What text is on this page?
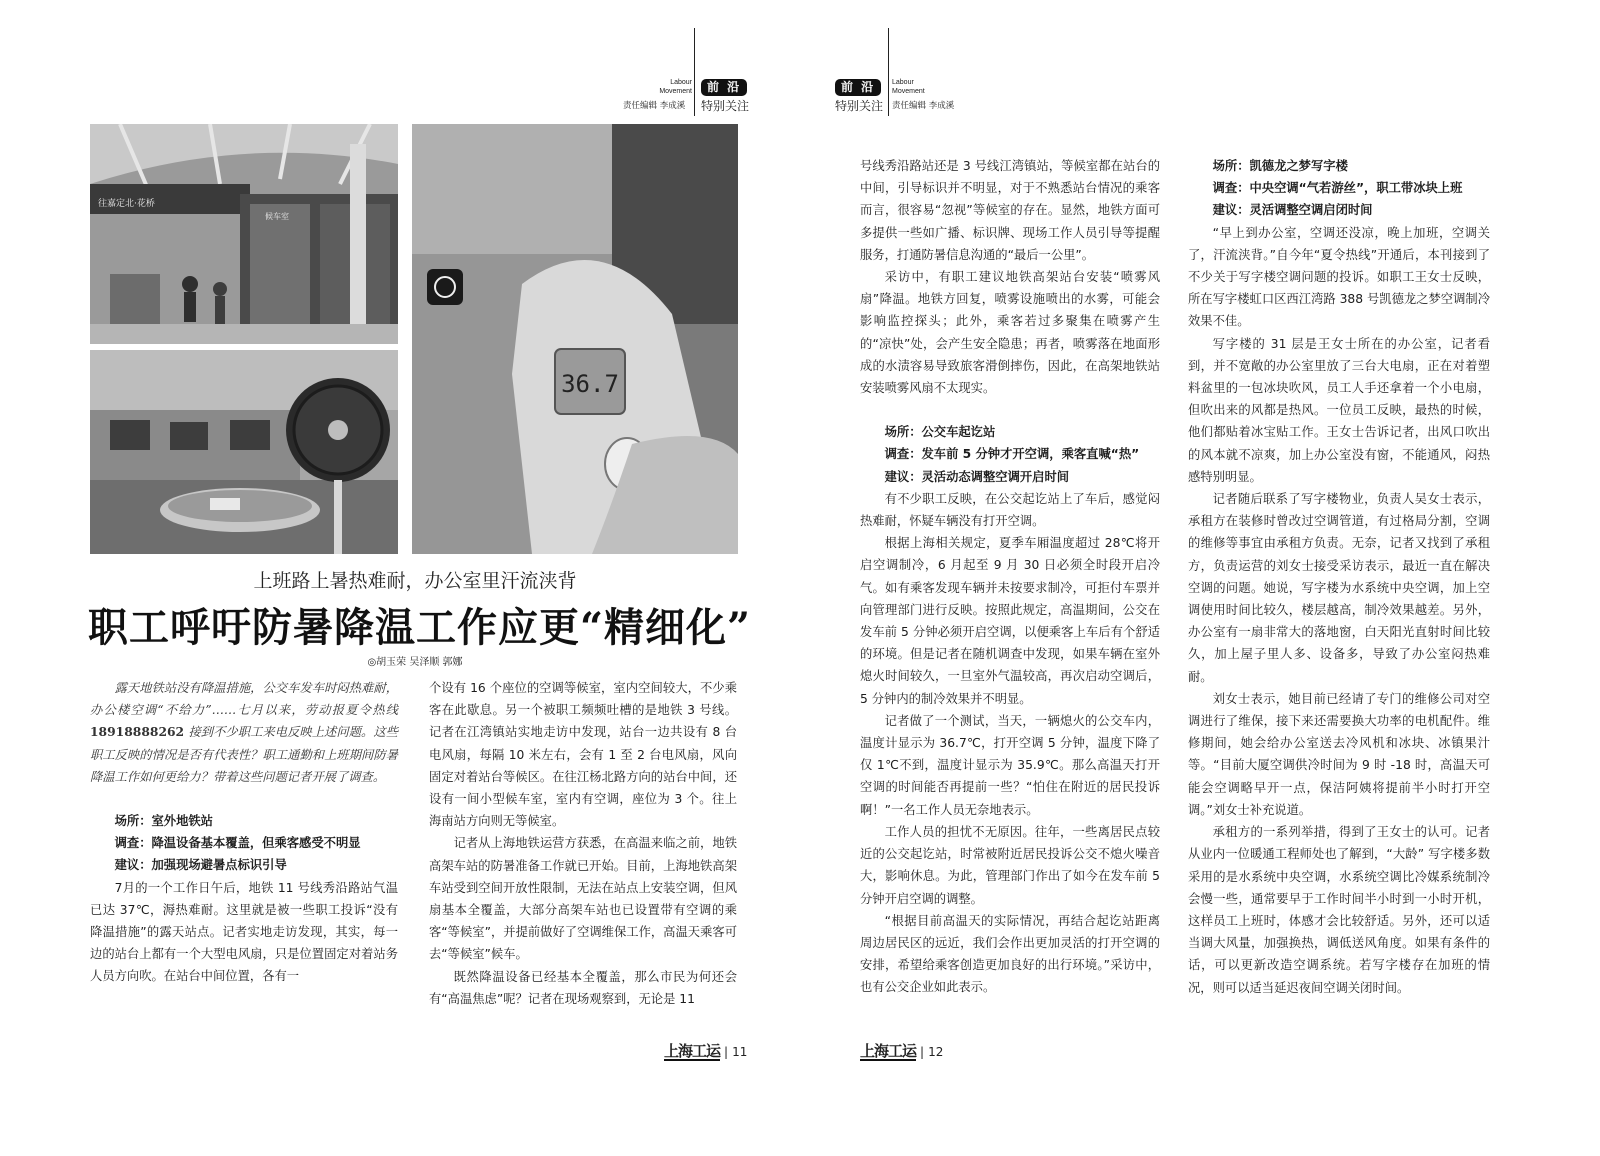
Labour
Movement	前 沿
责任编辑 李成溪 特别关注
前 沿	Labour
Movement
特别关注 责任编辑 李成溪
往嘉定北·花桥
候车室
36.7
上班路上暑热难耐，办公室里汗流浃背
职工呼吁防暑降温工作应更“精细化”
◎胡玉荣 吴泽顺 郭娜

露天地铁站没有降温措施，公交车发车时闷热难耐，办公楼空调“不给力”……七月以来，劳动报夏令热线 18918888262 接到不少职工来电反映上述问题。这些职工反映的情况是否有代表性？职工通勤和上班期间防暑降温工作如何更给力？带着这些问题记者开展了调查。

场所：室外地铁站

调查：降温设备基本覆盖，但乘客感受不明显

建议：加强现场避暑点标识引导

7月的一个工作日午后，地铁 11 号线秀沿路站气温已达 37℃，溽热难耐。这里就是被一些职工投诉“没有降温措施”的露天站点。记者实地走访发现，其实，每一边的站台上都有一个大型电风扇，只是位置固定对着站务人员方向吹。在站台中间位置，各有一

个设有 16 个座位的空调等候室，室内空间较大，不少乘客在此歇息。另一个被职工频频吐槽的是地铁 3 号线。记者在江湾镇站实地走访中发现，站台一边共设有 8 台电风扇，每隔 10 米左右，会有 1 至 2 台电风扇，风向固定对着站台等候区。在往江杨北路方向的站台中间，还设有一间小型候车室，室内有空调，座位为 3 个。往上海南站方向则无等候室。

记者从上海地铁运营方获悉，在高温来临之前，地铁高架车站的防暑准备工作就已开始。目前，上海地铁高架车站受到空间开放性限制，无法在站点上安装空调，但风扇基本全覆盖，大部分高架车站也已设置带有空调的乘客“等候室”，并提前做好了空调维保工作，高温天乘客可去“等候室”候车。

既然降温设备已经基本全覆盖，那么市民为何还会有“高温焦虑”呢？记者在现场观察到，无论是 11

号线秀沿路站还是 3 号线江湾镇站，等候室都在站台的中间，引导标识并不明显，对于不熟悉站台情况的乘客而言，很容易“忽视”等候室的存在。显然，地铁方面可多提供一些如广播、标识牌、现场工作人员引导等提醒服务，打通防暑信息沟通的“最后一公里”。

采访中，有职工建议地铁高架站台安装“喷雾风扇”降温。地铁方回复，喷雾设施喷出的水雾，可能会影响监控探头；此外，乘客若过多聚集在喷雾产生的“凉快”处，会产生安全隐患；再者，喷雾落在地面形成的水渍容易导致旅客滑倒摔伤，因此，在高架地铁站安装喷雾风扇不太现实。

场所：公交车起讫站

调查：发车前 5 分钟才开空调，乘客直喊“热”

建议：灵活动态调整空调开启时间

有不少职工反映，在公交起讫站上了车后，感觉闷热难耐，怀疑车辆没有打开空调。

根据上海相关规定，夏季车厢温度超过 28℃将开启空调制冷，6 月起至 9 月 30 日必须全时段开启冷气。如有乘客发现车辆并未按要求制冷，可拒付车票并向管理部门进行反映。按照此规定，高温期间，公交在发车前 5 分钟必须开启空调，以便乘客上车后有个舒适的环境。但是记者在随机调查中发现，如果车辆在室外熄火时间较久，一旦室外气温较高，再次启动空调后，5 分钟内的制冷效果并不明显。

记者做了一个测试，当天，一辆熄火的公交车内，温度计显示为 36.7℃，打开空调 5 分钟，温度下降了仅 1℃不到，温度计显示为 35.9℃。那么高温天打开空调的时间能否再提前一些？“怕住在附近的居民投诉啊！”一名工作人员无奈地表示。

工作人员的担忧不无原因。往年，一些离居民点较近的公交起讫站，时常被附近居民投诉公交不熄火噪音大，影响休息。为此，管理部门作出了如今在发车前 5 分钟开启空调的调整。

“根据目前高温天的实际情况，再结合起讫站距离周边居民区的远近，我们会作出更加灵活的打开空调的安排，希望给乘客创造更加良好的出行环境。”采访中，也有公交企业如此表示。

场所：凯德龙之梦写字楼

调查：中央空调“气若游丝”，职工带冰块上班

建议：灵活调整空调启闭时间

“早上到办公室，空调还没凉，晚上加班，空调关了，汗流浃背。”自今年“夏令热线”开通后，本刊接到了不少关于写字楼空调问题的投诉。如职工王女士反映，所在写字楼虹口区西江湾路 388 号凯德龙之梦空调制冷效果不佳。

写字楼的 31 层是王女士所在的办公室，记者看到，并不宽敞的办公室里放了三台大电扇，正在对着塑料盆里的一包冰块吹风，员工人手还拿着一个小电扇，但吹出来的风都是热风。一位员工反映，最热的时候，他们都贴着冰宝贴工作。王女士告诉记者，出风口吹出的风本就不凉爽，加上办公室没有窗，不能通风，闷热感特别明显。

记者随后联系了写字楼物业，负责人吴女士表示，承租方在装修时曾改过空调管道，有过格局分割，空调的维修等事宜由承租方负责。无奈，记者又找到了承租方，负责运营的刘女士接受采访表示，最近一直在解决空调的问题。她说，写字楼为水系统中央空调，加上空调使用时间比较久，楼层越高，制冷效果越差。另外，办公室有一扇非常大的落地窗，白天阳光直射时间比较久，加上屋子里人多、设备多，导致了办公室闷热难耐。

刘女士表示，她目前已经请了专门的维修公司对空调进行了维保，接下来还需要换大功率的电机配件。维修期间，她会给办公室送去冷风机和冰块、冰镇果汁等。“目前大厦空调供冷时间为 9 时 -18 时，高温天可能会空调略早开一点，保洁阿姨将提前半小时打开空调。”刘女士补充说道。

承租方的一系列举措，得到了王女士的认可。记者从业内一位暖通工程师处也了解到，“大龄” 写字楼多数采用的是水系统中央空调，水系统空调比冷媒系统制冷会慢一些，通常要早于工作时间半小时到一小时开机，这样员工上班时，体感才会比较舒适。另外，还可以适当调大风量，加强换热，调低送风角度。如果有条件的话，可以更新改造空调系统。若写字楼存在加班的情况，则可以适当延迟夜间空调关闭时间。

上海工运 | 11	上海工运 | 12
